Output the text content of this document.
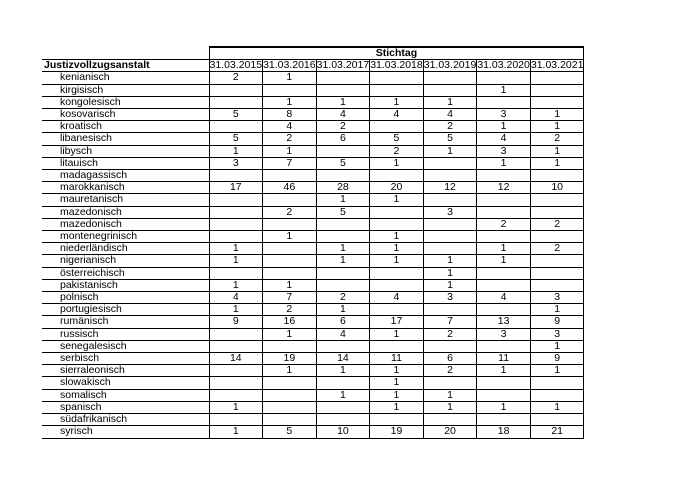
	Stichtag						
Justizvollzugsanstalt	31.03.2015	31.03.2016	31.03.2017	31.03.2018	31.03.2019	31.03.2020	31.03.2021
kenianisch	2	1					
kirgisisch						1	
kongolesisch		1	1	1	1		
kosovarisch	5	8	4	4	4	3	1
kroatisch		4	2		2	1	1
libanesisch	5	2	6	5	5	4	2
libysch	1	1		2	1	3	1
litauisch	3	7	5	1		1	1
madagassisch							
marokkanisch	17	46	28	20	12	12	10
mauretanisch			1	1			
mazedonisch		2	5		3		
mazedonisch						2	2
montenegrinisch		1		1			
niederländisch	1		1	1		1	2
nigerianisch	1		1	1	1	1	
österreichisch					1		
pakistanisch	1	1			1		
polnisch	4	7	2	4	3	4	3
portugiesisch	1	2	1				1
rumänisch	9	16	6	17	7	13	9
russisch		1	4	1	2	3	3
senegalesisch							1
serbisch	14	19	14	11	6	11	9
sierraleonisch		1	1	1	2	1	1
slowakisch				1			
somalisch			1	1	1		
spanisch	1			1	1	1	1
südafrikanisch							
syrisch	1	5	10	19	20	18	21
